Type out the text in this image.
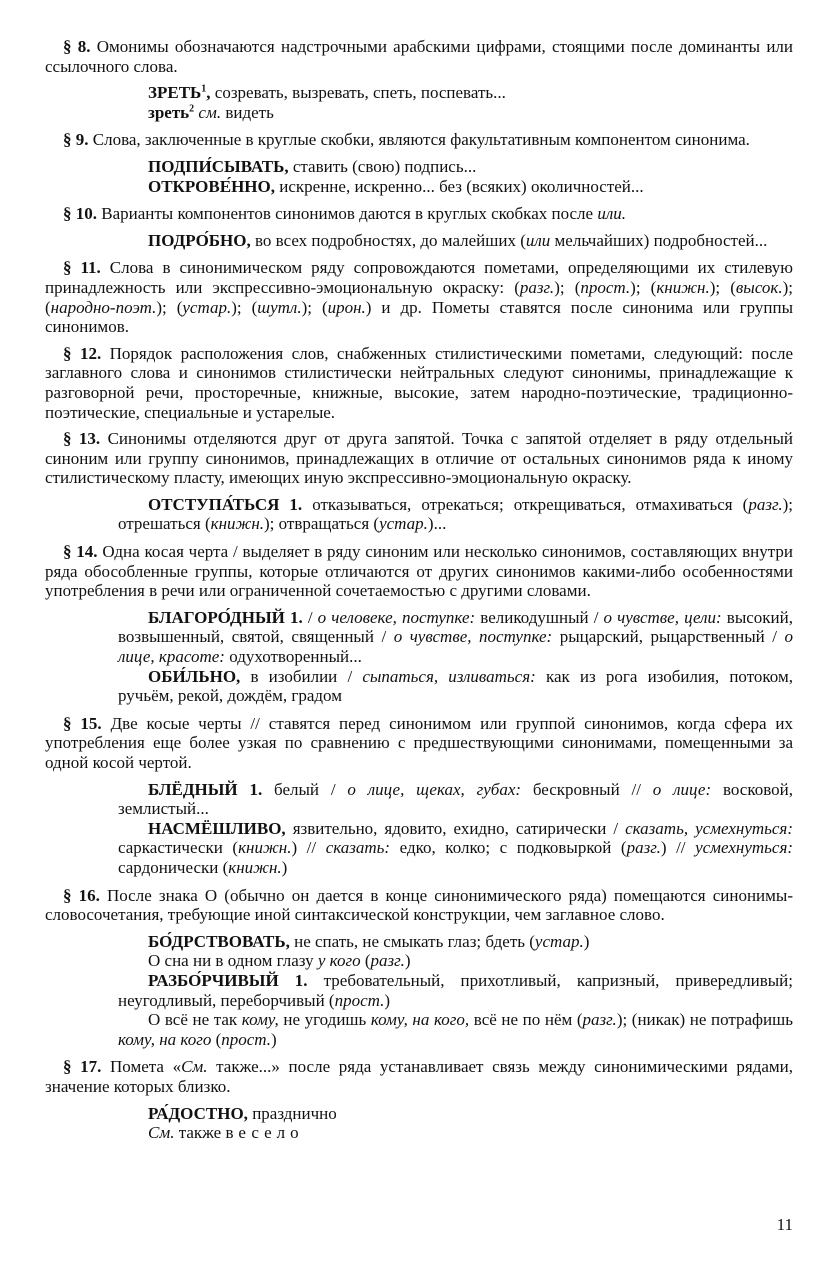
§ 8. Омонимы обозначаются надстрочными арабскими цифрами, стоящими после доминанты или ссылочного слова.

ЗРЕТЬ$^1$, созревать, вызревать, спеть, поспевать...
зреть$^2$ см. видеть

§ 9. Слова, заключенные в круглые скобки, являются факультативным компонентом синонима.

ПОДПИ́СЫВАТЬ, ставить (свою) подпись...
ОТКРОВЕ́ННО, искренне, искренно... без (всяких) околичностей...

§ 10. Варианты компонентов синонимов даются в круглых скобках после или.

ПОДРО́БНО, во всех подробностях, до малейших (или мельчайших) подробностей...

§ 11. Слова в синонимическом ряду сопровождаются пометами, определяющими их стилевую принадлежность или экспрессивно-эмоциональную окраску: (разг.); (прост.); (книжн.); (высок.); (народно-поэт.); (устар.); (шутл.); (ирон.) и др. Пометы ставятся после синонима или группы синонимов.

§ 12. Порядок расположения слов, снабженных стилистическими пометами, следующий: после заглавного слова и синонимов стилистически нейтральных следуют синонимы, принадлежащие к разговорной речи, просторечные, книжные, высокие, затем народно-поэтические, традиционно-поэтические, специальные и устарелые.

§ 13. Синонимы отделяются друг от друга запятой. Точка с запятой отделяет в ряду отдельный синоним или группу синонимов, принадлежащих в отличие от остальных синонимов ряда к иному стилистическому пласту, имеющих иную экспрессивно-эмоциональную окраску.

ОТСТУПА́ТЬСЯ 1. отказываться, отрекаться; открещиваться, отмахиваться (разг.); отрешаться (книжн.); отвращаться (устар.)...

§ 14. Одна косая черта / выделяет в ряду синоним или несколько синонимов, составляющих внутри ряда обособленные группы, которые отличаются от других синонимов какими-либо особенностями употребления в речи или ограниченной сочетаемостью с другими словами.

БЛАГОРО́ДНЫЙ 1. / о человеке, поступке: великодушный / о чувстве, цели: высокий, возвышенный, святой, священный / о чувстве, поступке: рыцарский, рыцарственный / о лице, красоте: одухотворенный...
ОБИ́ЛЬНО, в изобилии / сыпаться, изливаться: как из рога изобилия, потоком, ручьём, рекой, дождём, градом

§ 15. Две косые черты // ставятся перед синонимом или группой синонимов, когда сфера их употребления еще более узкая по сравнению с предшествующими синонимами, помещенными за одной косой чертой.

БЛЁДНЫЙ 1. белый / о лице, щеках, губах: бескровный // о лице: восковой, землистый...
НАСМЁШЛИВО, язвительно, ядовито, ехидно, сатирически / сказать, усмехнуться: саркастически (книжн.) // сказать: едко, колко; с подковыркой (разг.) // усмехнуться: сардонически (книжн.)

§ 16. После знака О (обычно он дается в конце синонимического ряда) помещаются синонимы-словосочетания, требующие иной синтаксической конструкции, чем заглавное слово.

БО́ДРСТВОВАТЬ, не спать, не смыкать глаз; бдеть (устар.)
О сна ни в одном глазу у кого (разг.)
РАЗБО́РЧИВЫЙ 1. требовательный, прихотливый, капризный, привередливый; неугодливый, переборчивый (прост.)
О всё не так кому, не угодишь кому, на кого, всё не по нём (разг.); (никак) не потрафишь кому, на кого (прост.)

§ 17. Помета «См. также...» после ряда устанавливает связь между синонимическими рядами, значение которых близко.

РА́ДОСТНО, празднично
См. также весело
11
